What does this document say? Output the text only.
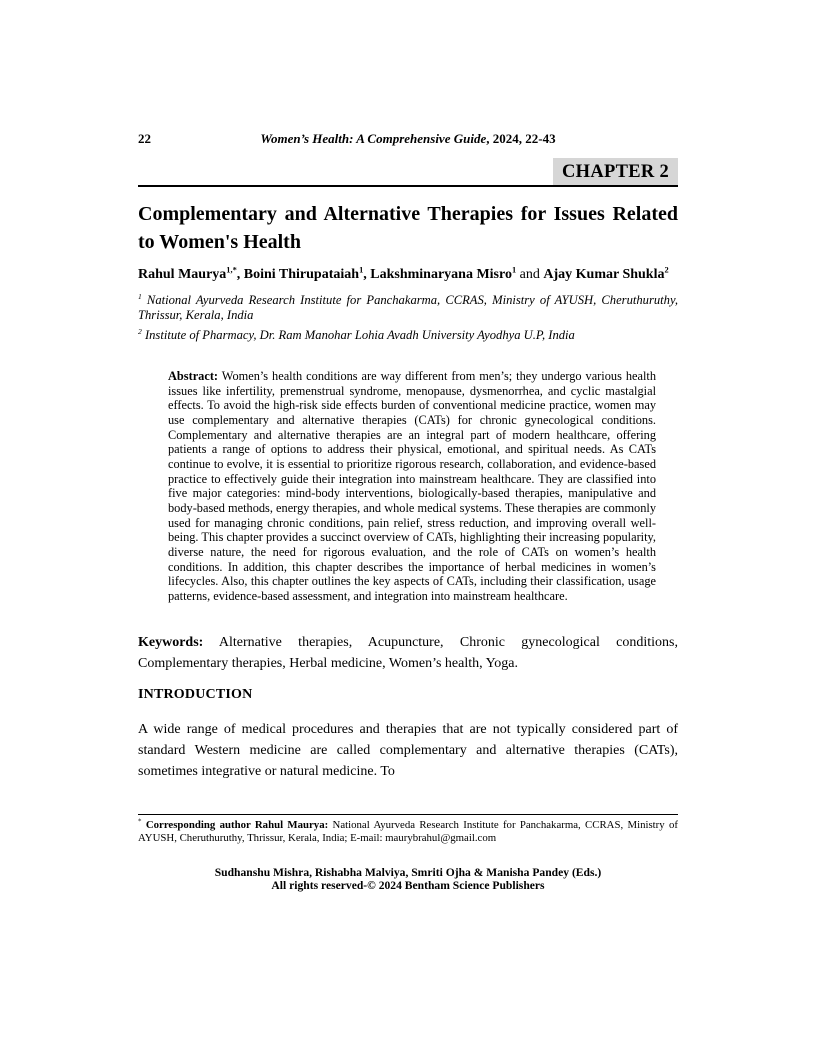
22	Women’s Health: A Comprehensive Guide, 2024, 22-43
CHAPTER 2
Complementary and Alternative Therapies for Issues Related to Women's Health

Rahul Maurya$^{1,*}$, Boini Thirupataiah$^1$, Lakshminaryana Misro$^1$ and Ajay Kumar Shukla$^2$

$^1$ National Ayurveda Research Institute for Panchakarma, CCRAS, Ministry of AYUSH, Cheruthuruthy, Thrissur, Kerala, India

$^2$ Institute of Pharmacy, Dr. Ram Manohar Lohia Avadh University Ayodhya U.P, India

Abstract: Women’s health conditions are way different from men’s; they undergo various health issues like infertility, premenstrual syndrome, menopause, dysmenorrhea, and cyclic mastalgial effects. To avoid the high-risk side effects burden of conventional medicine practice, women may use complementary and alternative therapies (CATs) for chronic gynecological conditions. Complementary and alternative therapies are an integral part of modern healthcare, offering patients a range of options to address their physical, emotional, and spiritual needs. As CATs continue to evolve, it is essential to prioritize rigorous research, collaboration, and evidence-based practice to effectively guide their integration into mainstream healthcare. They are classified into five major categories: mind-body interventions, biologically-based therapies, manipulative and body-based methods, energy therapies, and whole medical systems. These therapies are commonly used for managing chronic conditions, pain relief, stress reduction, and improving overall well-being. This chapter provides a succinct overview of CATs, highlighting their increasing popularity, diverse nature, the need for rigorous evaluation, and the role of CATs on women’s health conditions. In addition, this chapter describes the importance of herbal medicines in women’s lifecycles. Also, this chapter outlines the key aspects of CATs, including their classification, usage patterns, evidence-based assessment, and integration into mainstream healthcare.

Keywords: Alternative therapies, Acupuncture, Chronic gynecological conditions, Complementary therapies, Herbal medicine, Women’s health, Yoga.

INTRODUCTION

A wide range of medical procedures and therapies that are not typically considered part of standard Western medicine are called complementary and alternative therapies (CATs), sometimes integrative or natural medicine. To

* Corresponding author Rahul Maurya: National Ayurveda Research Institute for Panchakarma, CCRAS, Ministry of AYUSH, Cheruthuruthy, Thrissur, Kerala, India; E-mail: maurybrahul@gmail.com

Sudhanshu Mishra, Rishabha Malviya, Smriti Ojha & Manisha Pandey (Eds.)
All rights reserved-© 2024 Bentham Science Publishers
